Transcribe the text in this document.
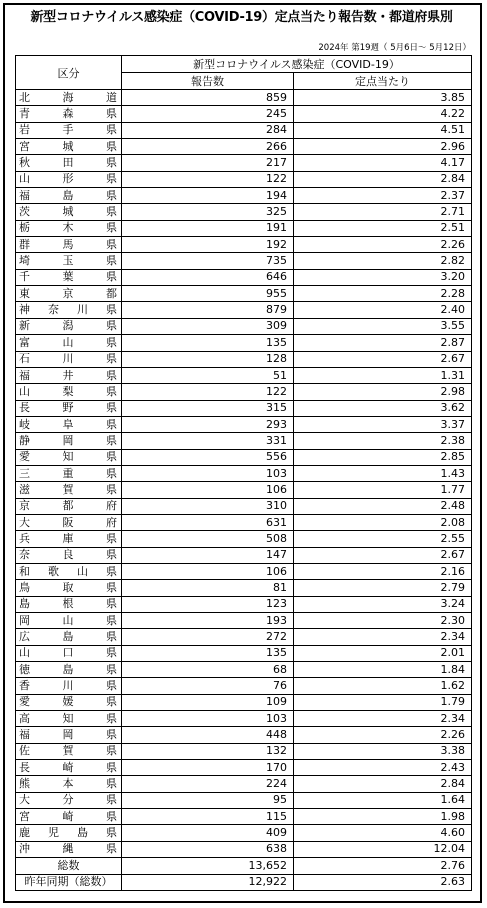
新型コロナウイルス感染症（COVID-19）定点当たり報告数・都道府県別
2024年 第19週（ 5月6日～ 5月12日）
区分	新型コロナウイルス感染症（COVID-19）	
	報告数	定点当たり
北海道	859	3.85
青森県	245	4.22
岩手県	284	4.51
宮城県	266	2.96
秋田県	217	4.17
山形県	122	2.84
福島県	194	2.37
茨城県	325	2.71
栃木県	191	2.51
群馬県	192	2.26
埼玉県	735	2.82
千葉県	646	3.20
東京都	955	2.28
神奈川県	879	2.40
新潟県	309	3.55
富山県	135	2.87
石川県	128	2.67
福井県	51	1.31
山梨県	122	2.98
長野県	315	3.62
岐阜県	293	3.37
静岡県	331	2.38
愛知県	556	2.85
三重県	103	1.43
滋賀県	106	1.77
京都府	310	2.48
大阪府	631	2.08
兵庫県	508	2.55
奈良県	147	2.67
和歌山県	106	2.16
鳥取県	81	2.79
島根県	123	3.24
岡山県	193	2.30
広島県	272	2.34
山口県	135	2.01
徳島県	68	1.84
香川県	76	1.62
愛媛県	109	1.79
高知県	103	2.34
福岡県	448	2.26
佐賀県	132	3.38
長崎県	170	2.43
熊本県	224	2.84
大分県	95	1.64
宮崎県	115	1.98
鹿児島県	409	4.60
沖縄県	638	12.04
総数	13,652	2.76
昨年同期（総数）	12,922	2.63
